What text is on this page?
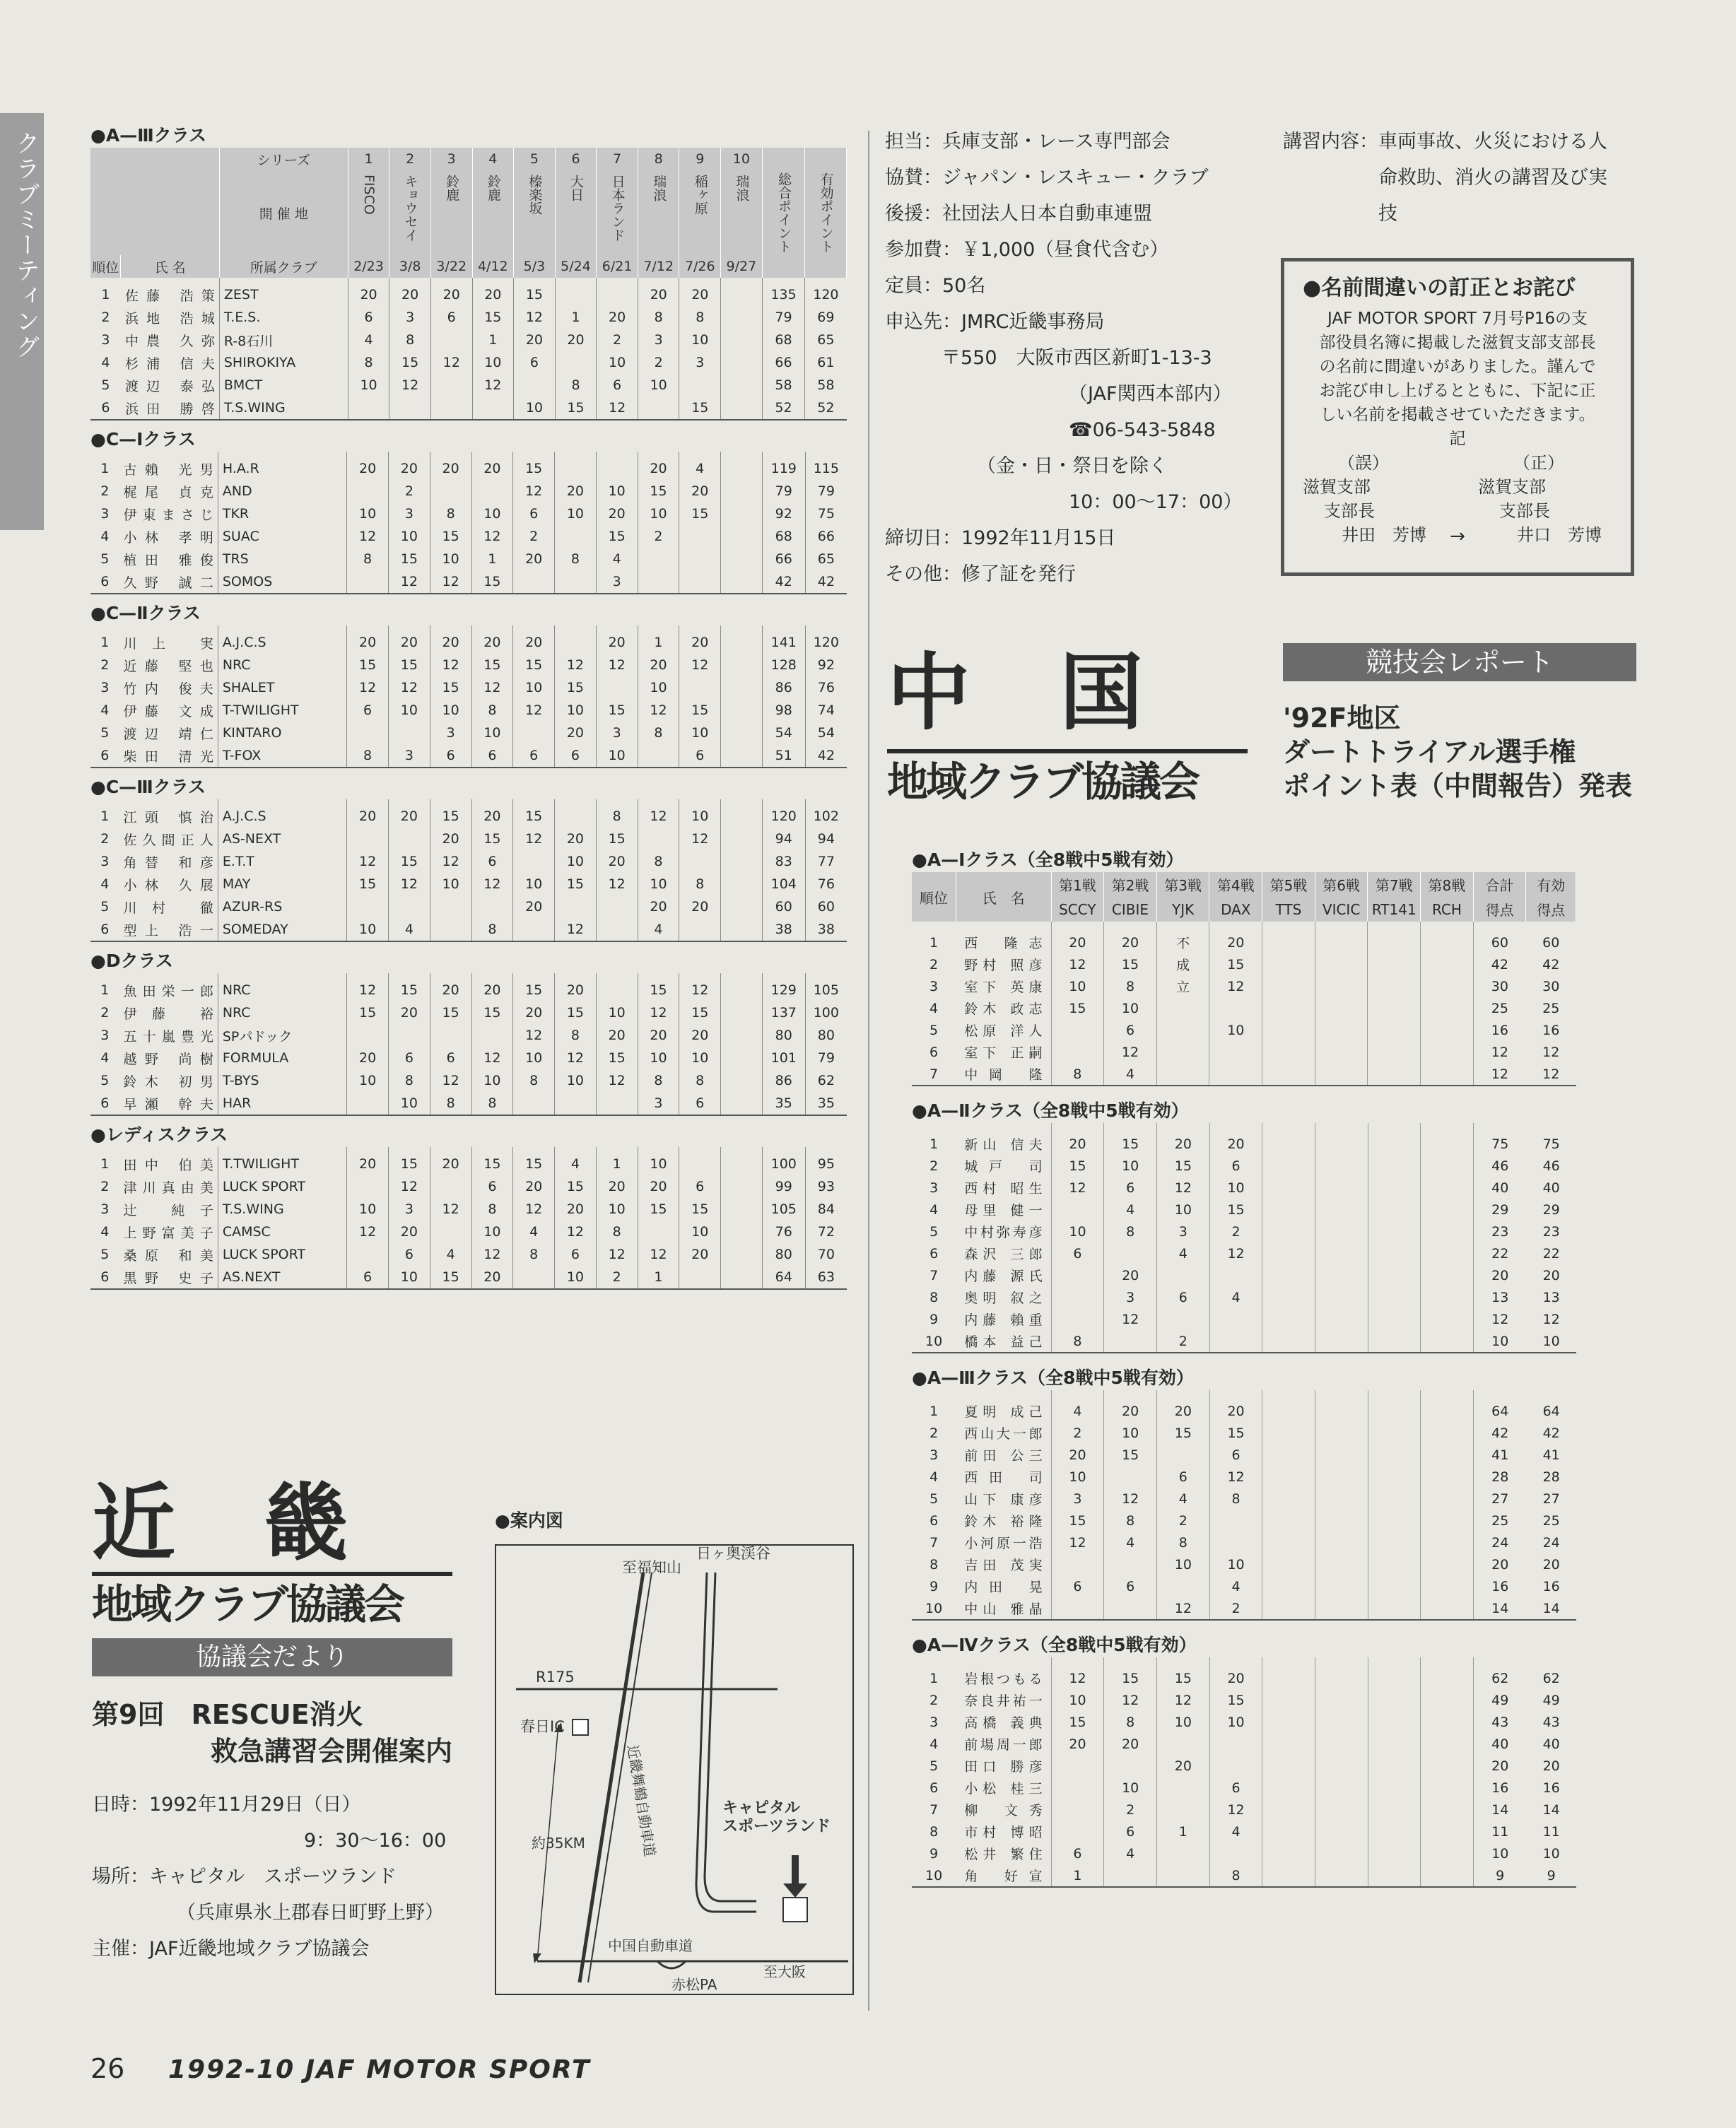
クラブミーティング	●A—Ⅲクラス
		シリーズ	1	2	3	4	5	6	7	8	9	10	総合ポイント	有効ポイント

		開 催 地	FISCO	キョウセイ	鈴鹿	鈴鹿	榛楽坂	大日	日本ランド	瑞浪	稲ヶ原	瑞浪		

順位	氏 名	所属クラブ	2/23	3/8	3/22	4/12	5/3	5/24	6/21	7/12	7/26	9/27		
1	佐藤 浩策	ZEST	20	20	20	20	15			20	20		135	120
2	浜地 浩城	T.E.S.	6	3	6	15	12	1	20	8	8		79	69
3	中農 久弥	R-8石川	4	8		1	20	20	2	3	10		68	65
4	杉浦 信夫	SHIROKIYA	8	15	12	10	6		10	2	3		66	61
5	渡辺 泰弘	BMCT	10	12		12		8	6	10			58	58
6	浜田 勝啓	T.S.WING					10	15	12		15		52	52
●C—Ⅰクラス
1	古賴 光男	H.A.R	20	20	20	20	15			20	4		119	115
2	梶尾 貞克	AND		2			12	20	10	15	20		79	79
3	伊東まさじ	TKR	10	3	8	10	6	10	20	10	15		92	75
4	小林 孝明	SUAC	12	10	15	12	2		15	2			68	66
5	植田 雅俊	TRS	8	15	10	1	20	8	4				66	65
6	久野 誠二	SOMOS		12	12	15			3				42	42
●C—Ⅱクラス
1	川上 実	A.J.C.S	20	20	20	20	20		20	1	20		141	120
2	近藤 堅也	NRC	15	15	12	15	15	12	12	20	12		128	92
3	竹内 俊夫	SHALET	12	12	15	12	10	15		10			86	76
4	伊藤 文成	T-TWILIGHT	6	10	10	8	12	10	15	12	15		98	74
5	渡辺 靖仁	KINTARO			3	10		20	3	8	10		54	54
6	柴田 清光	T-FOX	8	3	6	6	6	6	10		6		51	42
●C—Ⅲクラス
1	江頭 慎治	A.J.C.S	20	20	15	20	15		8	12	10		120	102
2	佐久間正人	AS-NEXT			20	15	12	20	15		12		94	94
3	角替 和彦	E.T.T	12	15	12	6		10	20	8			83	77
4	小林 久展	MAY	15	12	10	12	10	15	12	10	8		104	76
5	川村 徹	AZUR-RS					20			20	20		60	60
6	型上 浩一	SOMEDAY	10	4		8		12		4			38	38
●Dクラス
1	魚田栄一郎	NRC	12	15	20	20	15	20		15	12		129	105
2	伊藤 裕	NRC	15	20	15	15	20	15	10	12	15		137	100
3	五十嵐豊光	SPパドック					12	8	20	20	20		80	80
4	越野 尚樹	FORMULA	20	6	6	12	10	12	15	10	10		101	79
5	鈴木 初男	T-BYS	10	8	12	10	8	10	12	8	8		86	62
6	早瀬 幹夫	HAR		10	8	8				3	6		35	35
●レディスクラス
1	田中 伯美	T.TWILIGHT	20	15	20	15	15	4	1	10			100	95
2	津川真由美	LUCK SPORT		12		6	20	15	20	20	6		99	93
3	辻 純子	T.S.WING	10	3	12	8	12	20	10	15	15		105	84
4	上野富美子	CAMSC	12	20		10	4	12	8		10		76	72
5	桑原 和美	LUCK SPORT		6	4	12	8	6	12	12	20		80	70
6	黒野 史子	AS.NEXT	6	10	15	20		10	2	1			64	63
近　畿
地域クラブ協議会
協議会だより
第9回　RESCUE消火
救急講習会開催案内
日時：1992年11月29日（日）
9：30〜16：00
場所：キャピタル　スポーツランド
（兵庫県氷上郡春日町野上野）
主催：JAF近畿地域クラブ協議会
●案内図
至福知山
日ヶ奥渓谷
R175
春日IC
約35KM	近畿舞鶴自動車道	キャピタル
スポーツランド
中国自動車道
至大阪
赤松PA
担当：兵庫支部・レース専門部会
協賛：ジャパン・レスキュー・クラブ
後援：社団法人日本自動車連盟
参加費：￥1,000（昼食代含む）
定員：50名
申込先：JMRC近畿事務局
〒550　大阪市西区新町1-13-3
（JAF関西本部内）
☎06-543-5848
（金・日・祭日を除く
10：00〜17：00）
締切日：1992年11月15日
その他：修了証を発行
講習内容： 車両事故、火災における人
命救助、消火の講習及び実
技
●名前間違いの訂正とお詫び
JAF MOTOR SPORT 7月号P16の支
部役員名簿に掲載した滋賀支部支部長
の名前に間違いがありました。謹んで
お詫び申し上げるとともに、下記に正
しい名前を掲載させていただきます。
記
（誤）
滋賀支部
支部長
井田　芳博	→
（正）
滋賀支部
支部長
井口　芳博
中　国
地域クラブ協議会
競技会レポート
'92F地区
ダートトライアル選手権
ポイント表（中間報告）発表
●A—Ⅰクラス（全8戦中5戦有効）
順位	氏　名	第1戦	第2戦	第3戦	第4戦	第5戦	第6戦	第7戦	第8戦	合計	有効
		SCCY	CIBIE	YJK	DAX	TTS	VICIC	RT141	RCH	得点	得点
1	西 隆志	20	20	不	20					60	60
2	野村 照彦	12	15	成	15					42	42
3	室下 英康	10	8	立	12					30	30
4	鈴木 政志	15	10							25	25
5	松原 洋人		6		10					16	16
6	室下 正嗣		12							12	12
7	中岡 隆	8	4							12	12
●A—Ⅱクラス（全8戦中5戦有効）
1	新山 信夫	20	15	20	20					75	75
2	城戸 司	15	10	15	6					46	46
3	西村 昭生	12	6	12	10					40	40
4	母里 健一		4	10	15					29	29
5	中村弥寿彦	10	8	3	2					23	23
6	森沢 三郎	6		4	12					22	22
7	内藤 源氏		20							20	20
8	奥明 叙之		3	6	4					13	13
9	内藤 賴重		12							12	12
10	橋本 益己	8		2						10	10
●A—Ⅲクラス（全8戦中5戦有効）
1	夏明 成己	4	20	20	20					64	64
2	西山大一郎	2	10	15	15					42	42
3	前田 公三	20	15		6					41	41
4	西田 司	10		6	12					28	28
5	山下 康彦	3	12	4	8					27	27
6	鈴木 裕隆	15	8	2						25	25
7	小河原一浩	12	4	8						24	24
8	吉田 茂実			10	10					20	20
9	内田 晃	6	6		4					16	16
10	中山 雅晶			12	2					14	14
●A—Ⅳクラス（全8戦中5戦有効）
1	岩根つもる	12	15	15	20					62	62
2	奈良井祐一	10	12	12	15					49	49
3	高橋 義典	15	8	10	10					43	43
4	前場周一郎	20	20							40	40
5	田口 勝彦			20						20	20
6	小松 桂三		10		6					16	16
7	柳 文秀		2		12					14	14
8	市村 博昭		6	1	4					11	11
9	松井 繁住	6	4							10	10
10	角 好宣	1			8					9	9
26	1992-10 JAF MOTOR SPORT
